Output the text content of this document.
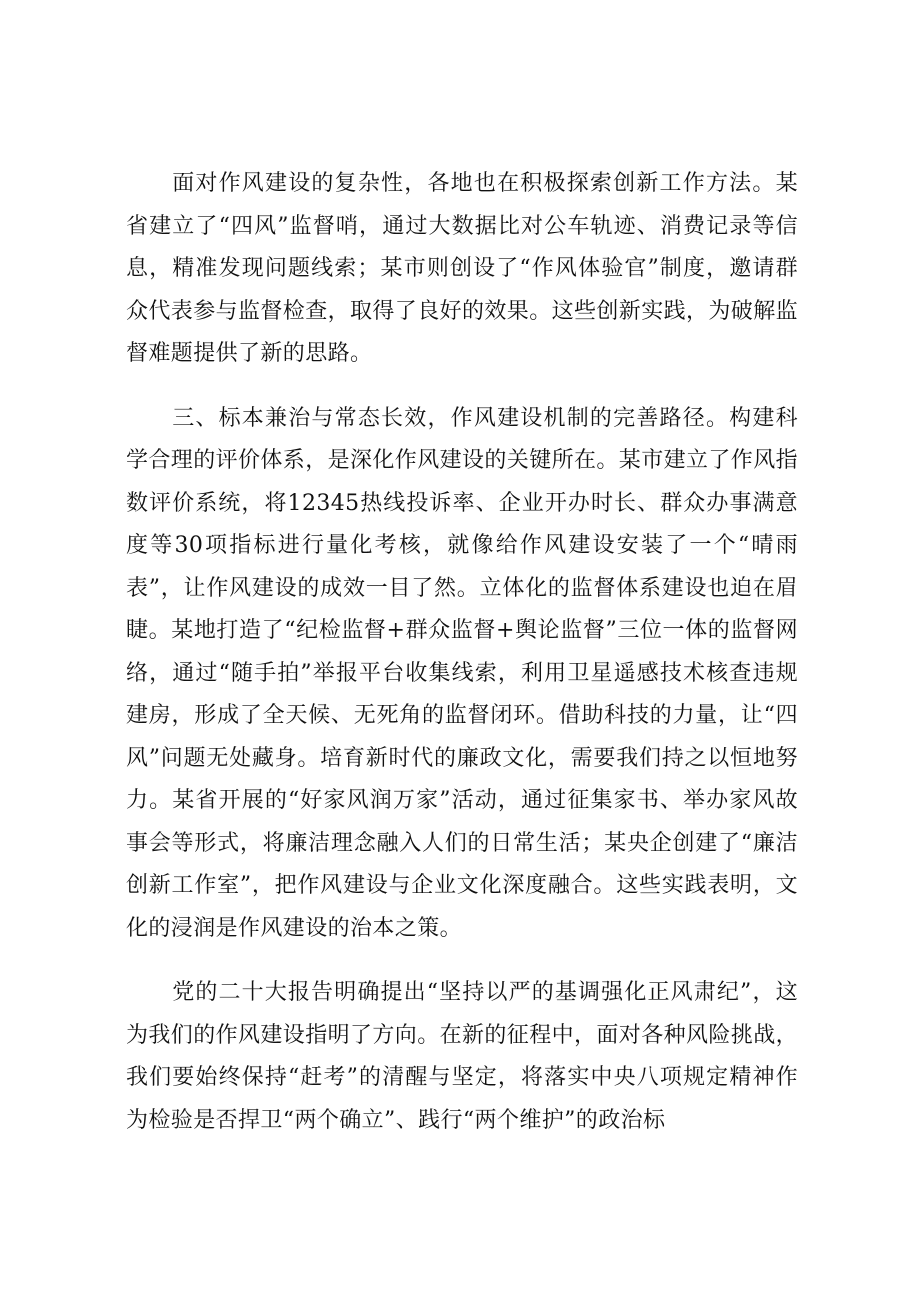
面对作风建设的复杂性，各地也在积极探索创新工作方法。某省建立了“四风”监督哨，通过大数据比对公车轨迹、消费记录等信息，精准发现问题线索；某市则创设了“作风体验官”制度，邀请群众代表参与监督检查，取得了良好的效果。这些创新实践，为破解监督难题提供了新的思路。

三、标本兼治与常态长效，作风建设机制的完善路径。构建科学合理的评价体系，是深化作风建设的关键所在。某市建立了作风指数评价系统，将12345热线投诉率、企业开办时长、群众办事满意度等30项指标进行量化考核，就像给作风建设安装了一个“晴雨表”，让作风建设的成效一目了然。立体化的监督体系建设也迫在眉睫。某地打造了“纪检监督+群众监督+舆论监督”三位一体的监督网络，通过“随手拍”举报平台收集线索，利用卫星遥感技术核查违规建房，形成了全天候、无死角的监督闭环。借助科技的力量，让“四风”问题无处藏身。培育新时代的廉政文化，需要我们持之以恒地努力。某省开展的“好家风润万家”活动，通过征集家书、举办家风故事会等形式，将廉洁理念融入人们的日常生活；某央企创建了“廉洁创新工作室”，把作风建设与企业文化深度融合。这些实践表明，文化的浸润是作风建设的治本之策。

党的二十大报告明确提出“坚持以严的基调强化正风肃纪”，这为我们的作风建设指明了方向。在新的征程中，面对各种风险挑战，我们要始终保持“赶考”的清醒与坚定，将落实中央八项规定精神作为检验是否捍卫“两个确立”、践行“两个维护”的政治标
